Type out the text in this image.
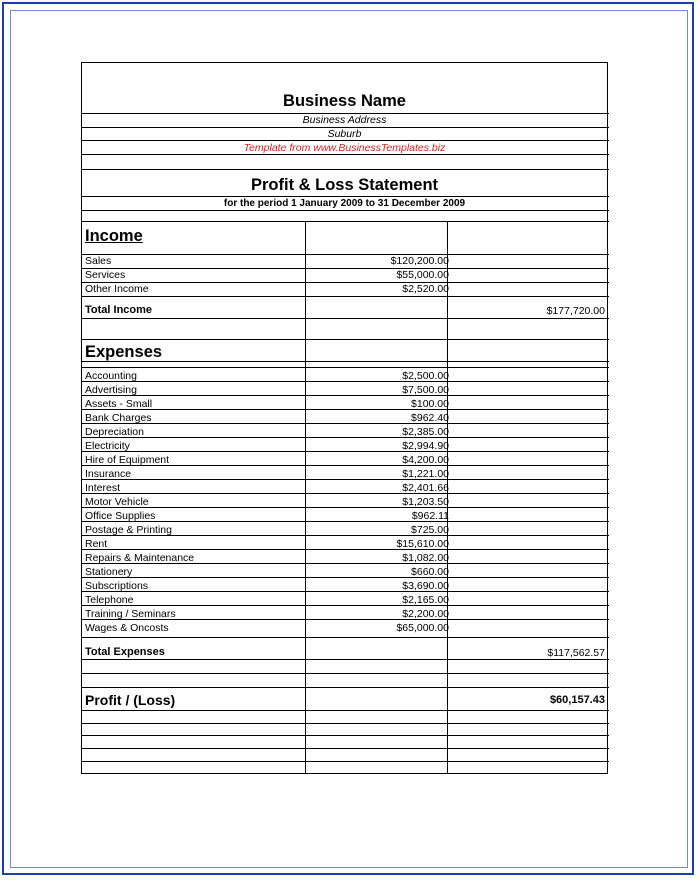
Business Name
Business Address
Suburb
Template from www.BusinessTemplates.biz
Profit & Loss Statement
for the period 1 January 2009 to 31 December 2009
Income
Sales	$120,200.00
Services	$55,000.00
Other Income	$2,520.00
Total Income	$177,720.00
Expenses
Accounting	$2,500.00
Advertising	$7,500.00
Assets - Small	$100.00
Bank Charges	$962.40
Depreciation	$2,385.00
Electricity	$2,994.90
Hire of Equipment	$4,200.00
Insurance	$1,221.00
Interest	$2,401.66
Motor Vehicle	$1,203.50
Office Supplies	$962.11
Postage & Printing	$725.00
Rent	$15,610.00
Repairs & Maintenance	$1,082.00
Stationery	$660.00
Subscriptions	$3,690.00
Telephone	$2,165.00
Training / Seminars	$2,200.00
Wages & Oncosts	$65,000.00
Total Expenses	$117,562.57
Profit / (Loss)	$60,157.43
